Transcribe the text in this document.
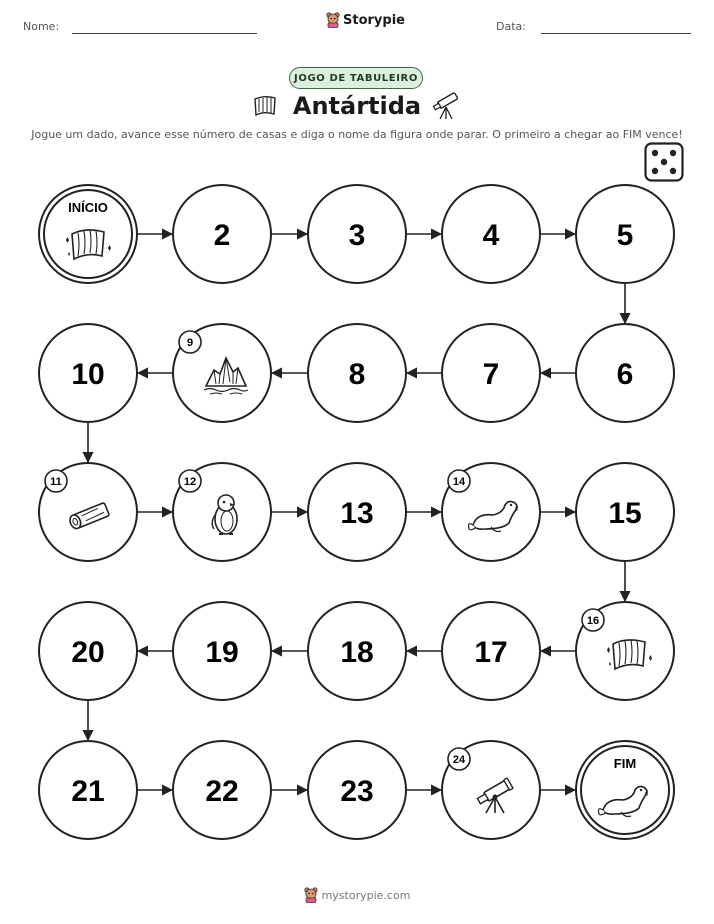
Nome:	Storypie	Data:
JOGO DE TABULEIRO
Antártida
Jogue um dado, avance esse número de casas e diga o nome da figura onde parar. O primeiro a chegar ao FIM vence!
INÍCIO
2	3	4	5
6
7
8
9
10
11	12
13
14
15
16
17
18
19
20
21	22	23
24	FIM
mystorypie.com
